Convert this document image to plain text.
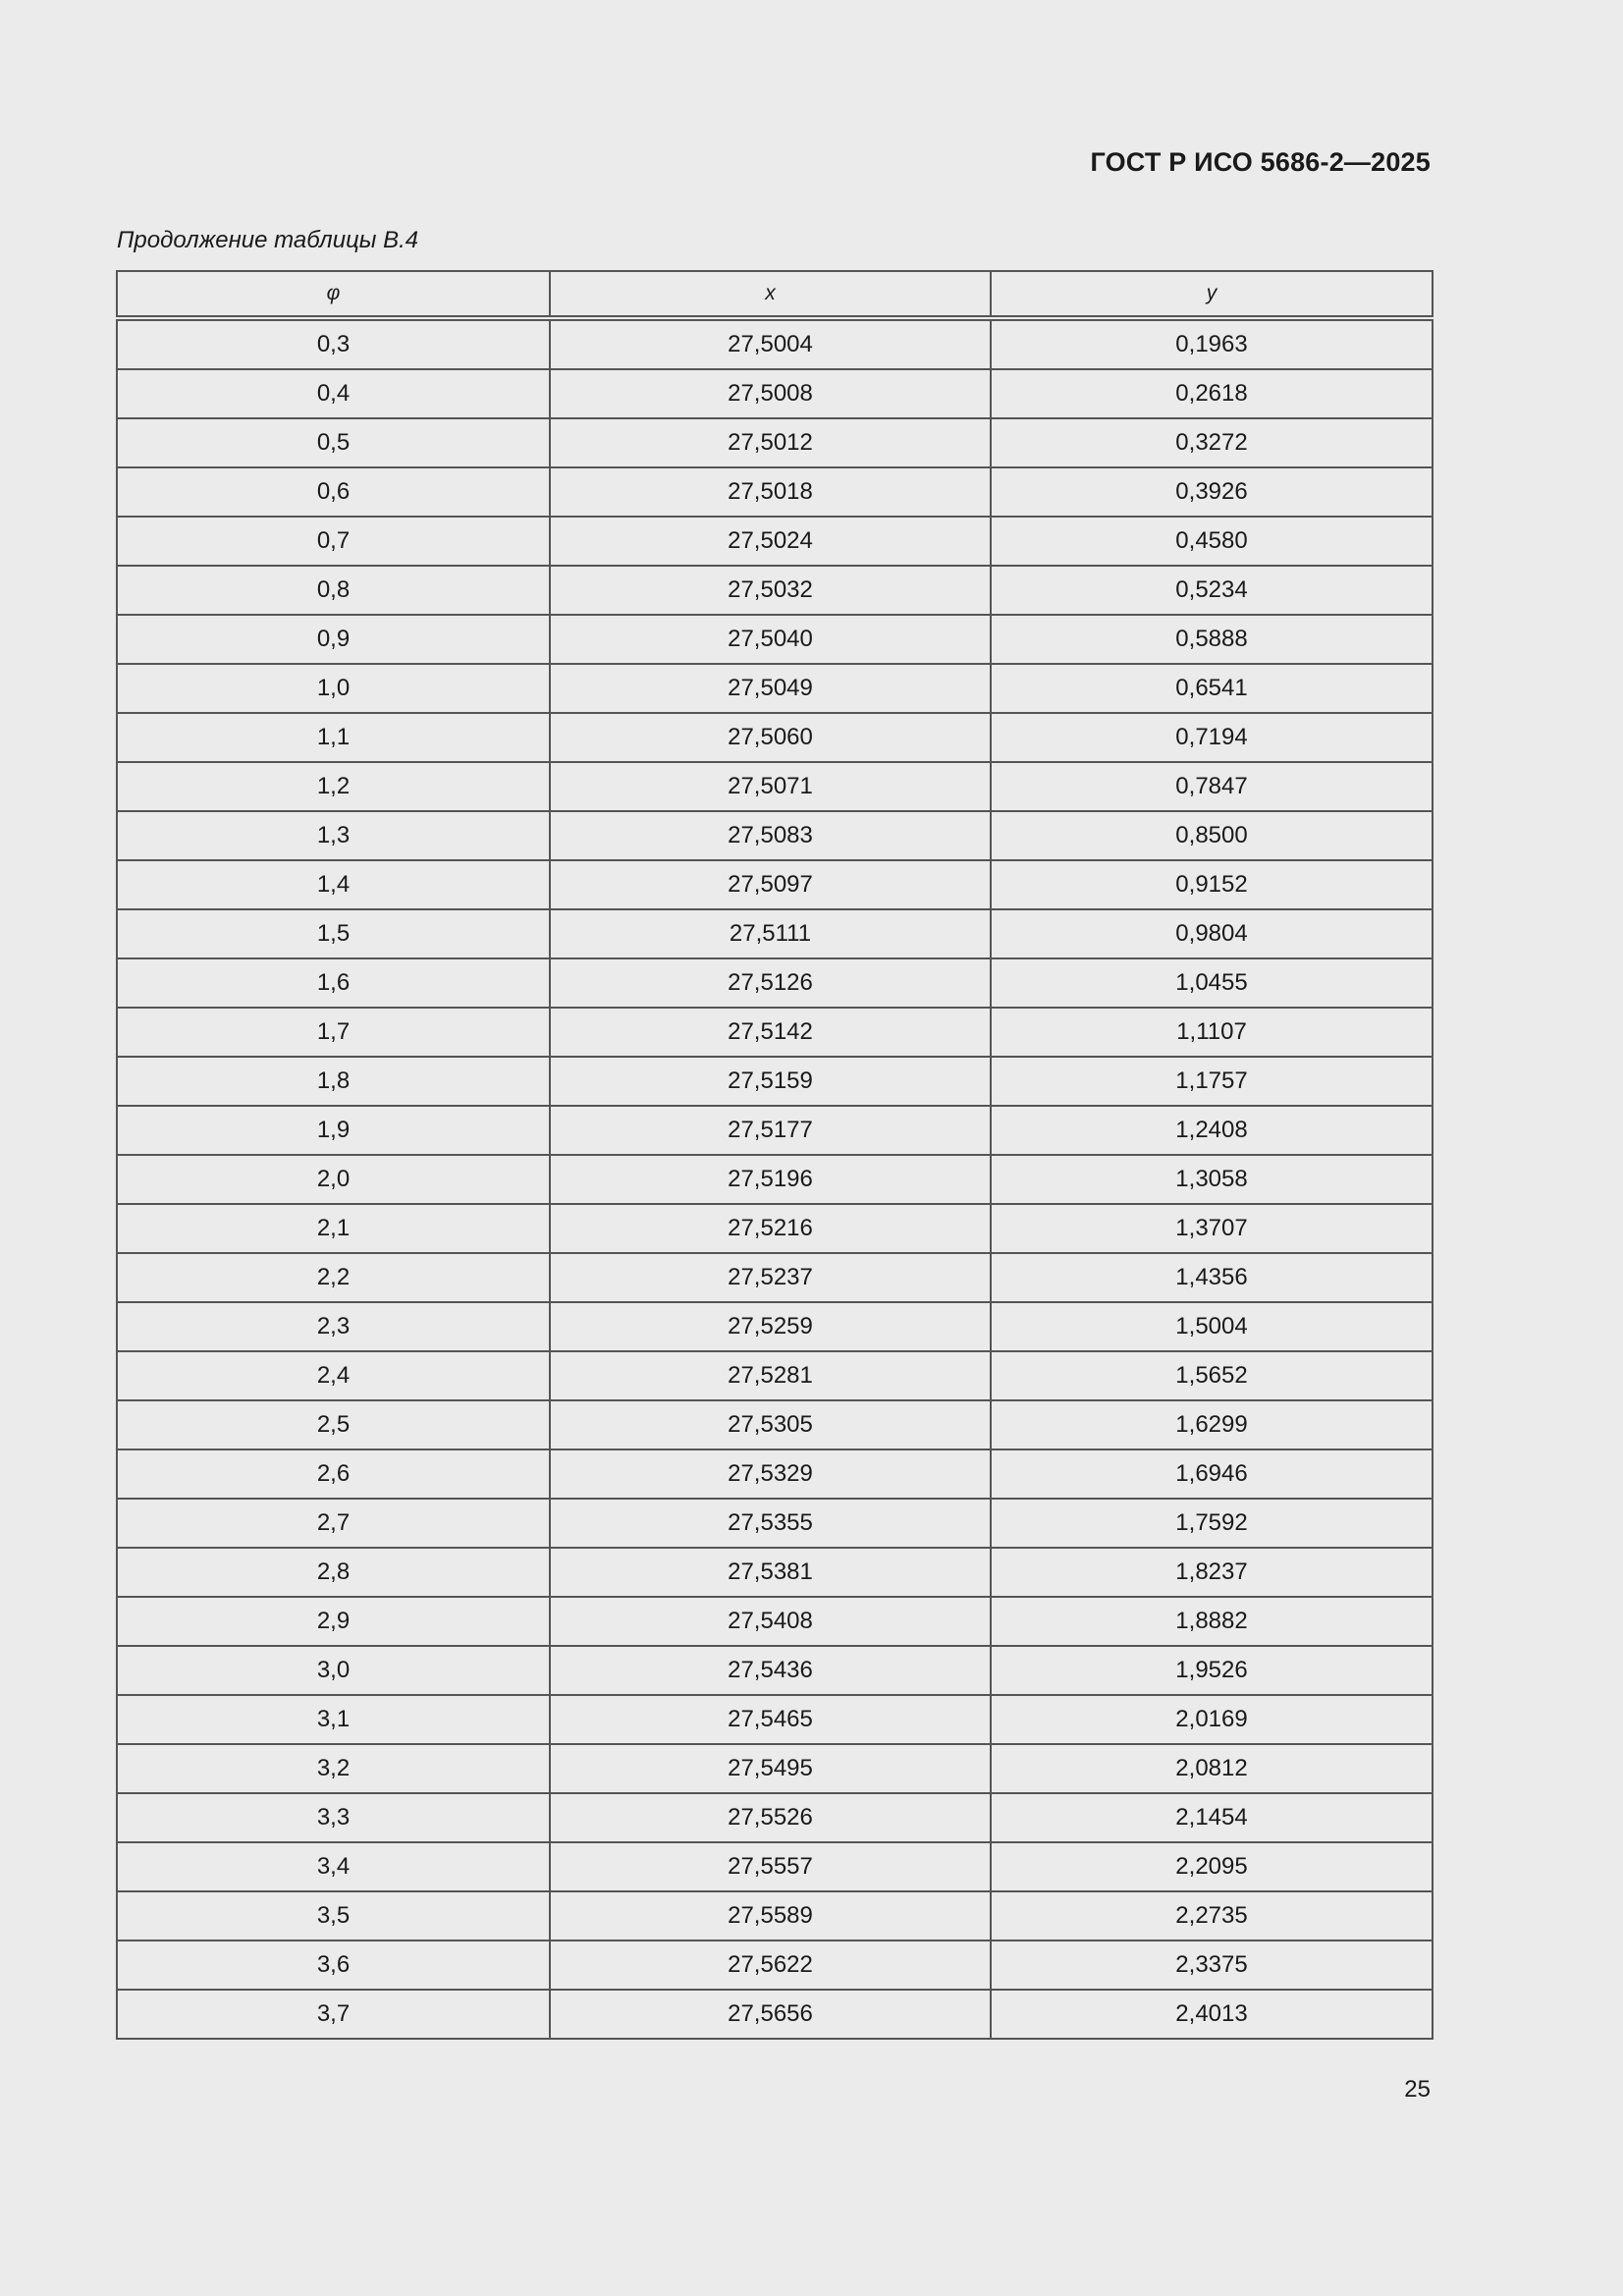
ГОСТ Р ИСО 5686-2—2025
Продолжение таблицы В.4
φ	x	y
0,3	27,5004	0,1963
0,4	27,5008	0,2618
0,5	27,5012	0,3272
0,6	27,5018	0,3926
0,7	27,5024	0,4580
0,8	27,5032	0,5234
0,9	27,5040	0,5888
1,0	27,5049	0,6541
1,1	27,5060	0,7194
1,2	27,5071	0,7847
1,3	27,5083	0,8500
1,4	27,5097	0,9152
1,5	27,5111	0,9804
1,6	27,5126	1,0455
1,7	27,5142	1,1107
1,8	27,5159	1,1757
1,9	27,5177	1,2408
2,0	27,5196	1,3058
2,1	27,5216	1,3707
2,2	27,5237	1,4356
2,3	27,5259	1,5004
2,4	27,5281	1,5652
2,5	27,5305	1,6299
2,6	27,5329	1,6946
2,7	27,5355	1,7592
2,8	27,5381	1,8237
2,9	27,5408	1,8882
3,0	27,5436	1,9526
3,1	27,5465	2,0169
3,2	27,5495	2,0812
3,3	27,5526	2,1454
3,4	27,5557	2,2095
3,5	27,5589	2,2735
3,6	27,5622	2,3375
3,7	27,5656	2,4013
25
